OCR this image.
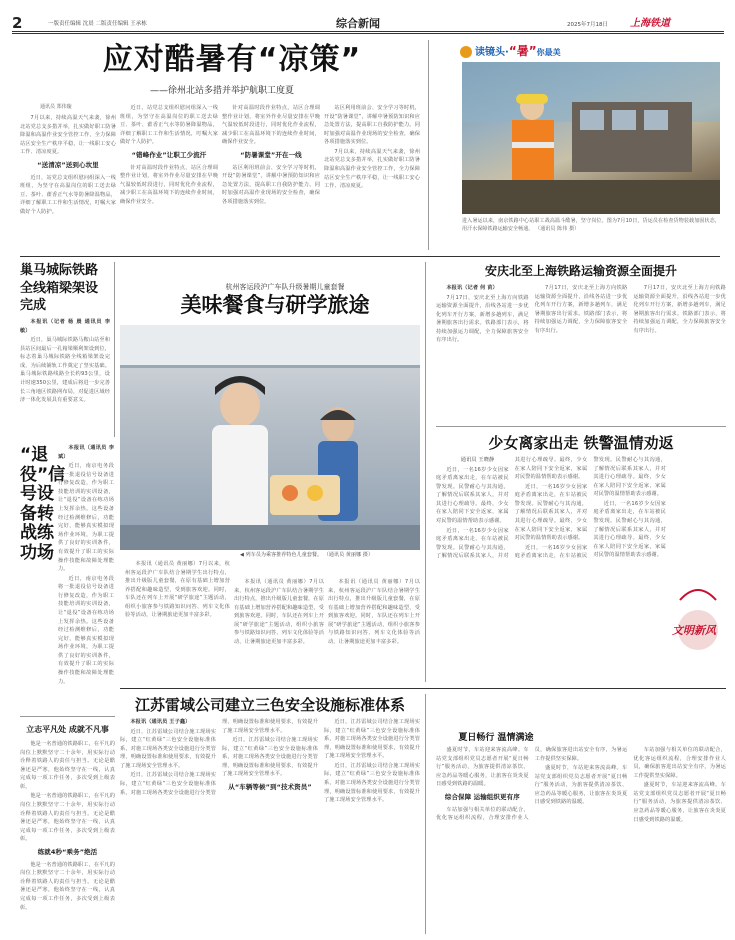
2	一版责任编辑 沈晨 二版责任编辑 王承栋	综合新闻	2025年7月18日 上海铁道
应对酷暑有“凉策”
——徐州北站多措并举护航职工度夏
通讯员 郑伟璇

7月以来，持续高温天气来袭，徐州北站党总支多措并举，扎实做好职工防暑降温和高温作业安全管控工作，全力保障站区安全生产秩序平稳，让一线职工安心工作、清凉度夏。

“送清凉”送到心坎里

近日，站党总支组织慰问组深入一线班组，为坚守在高温岗位的职工送去绿豆、茶叶、藿香正气水等防暑降温物品，详细了解职工工作和生活情况，叮嘱大家做好个人防护。

近日，站党总支组织慰问组深入一线班组，为坚守在高温岗位的职工送去绿豆、茶叶、藿香正气水等防暑降温物品，详细了解职工工作和生活情况，叮嘱大家做好个人防护。

“错峰作业”让职工少流汗

针对高温时段作业特点，站区合理调整作业计划，将室外作业尽量安排在早晚气温较低时段进行，同时优化作业流程，减少职工在高温环境下的连续作业时间，确保作业安全。

针对高温时段作业特点，站区合理调整作业计划，将室外作业尽量安排在早晚气温较低时段进行，同时优化作业流程，减少职工在高温环境下的连续作业时间，确保作业安全。

“防暑课堂”开在一线

站区利用班前会、安全学习等时机，开设“防暑课堂”，讲解中暑预防知识和应急处置方法，提高职工自我防护能力。同时加强对高温作业现场的安全检查，确保各项措施落实到位。

站区利用班前会、安全学习等时机，开设“防暑课堂”，讲解中暑预防知识和应急处置方法，提高职工自我防护能力。同时加强对高温作业现场的安全检查，确保各项措施落实到位。

7月以来，持续高温天气来袭，徐州北站党总支多措并举，扎实做好职工防暑降温和高温作业安全管控工作，全力保障站区安全生产秩序平稳，让一线职工安心工作、清凉度夏。

读镜头·“暑”你最美
进入暑运以来，南京铁路中心站职工战高温斗酷暑，坚守岗位。图为7月10日，货运员在检查货物装载加固状态，用汗水保障铁路运输安全畅通。 （通讯员 陈伟 摄）
巢马城际铁路全线箱梁架设完成

本报讯（记者 杨 晨 通讯员 李 敏）

近日，巢马城际铁路马鞍山站至和县站区间最后一孔箱梁顺利架设到位，标志着巢马城际铁路全线箱梁架设完成，为后续铺轨工作奠定了坚实基础。巢马城际铁路线路全长约93公里，设计时速350公里，建成后将进一步完善长三角地区铁路网布局，对促进区域经济一体化发展具有重要意义。

杭州客运段沪广车队升级暑期儿童套餐
美味餐食与研学旅途
◀ 列车员为乘客推荐特色儿童套餐。 （通讯员 黄丽娜 摄）

本报讯（通讯员 黄丽娜）7月以来，杭州客运段沪广车队结合暑期学生出行特点，推出升级版儿童套餐，在原有基础上增加营养搭配和趣味造型，受到旅客欢迎。同时，车队还在列车上开展“研学旅途”主题活动，组织小旅客参与铁路知识问答、列车文化体验等活动，让暑期旅途更加丰富多彩。

本报讯（通讯员 黄丽娜）7月以来，杭州客运段沪广车队结合暑期学生出行特点，推出升级版儿童套餐，在原有基础上增加营养搭配和趣味造型，受到旅客欢迎。同时，车队还在列车上开展“研学旅途”主题活动，组织小旅客参与铁路知识问答、列车文化体验等活动，让暑期旅途更加丰富多彩。

本报讯（通讯员 黄丽娜）7月以来，杭州客运段沪广车队结合暑期学生出行特点，推出升级版儿童套餐，在原有基础上增加营养搭配和趣味造型，受到旅客欢迎。同时，车队还在列车上开展“研学旅途”主题活动，组织小旅客参与铁路知识问答、列车文化体验等活动，让暑期旅途更加丰富多彩。

“退役”信号设备转战练功场

本报讯（通讯员 李斌）

近日，南京电务段将一批退役信号设备进行修复改造，作为职工技能培训的实训设备，让“退役”设备在练功场上发挥余热。这些设备经过检测维修后，功能完好，能够真实模拟现场作业环境，为职工提供了良好的实训条件，有效提升了职工的实际操作技能和故障处理能力。

近日，南京电务段将一批退役信号设备进行修复改造，作为职工技能培训的实训设备，让“退役”设备在练功场上发挥余热。这些设备经过检测维修后，功能完好，能够真实模拟现场作业环境，为职工提供了良好的实训条件，有效提升了职工的实际操作技能和故障处理能力。

立志平凡处 成就不凡事

他是一名普通的铁路职工，在平凡的岗位上默默坚守二十余年，用实际行动诠释着铁路人的责任与担当。无论是酷暑还是严寒，他始终坚守在一线，认真完成每一项工作任务，多次受到上级表彰。

他是一名普通的铁路职工，在平凡的岗位上默默坚守二十余年，用实际行动诠释着铁路人的责任与担当。无论是酷暑还是严寒，他始终坚守在一线，认真完成每一项工作任务，多次受到上级表彰。

练就4秒“乘务”绝活

他是一名普通的铁路职工，在平凡的岗位上默默坚守二十余年，用实际行动诠释着铁路人的责任与担当。无论是酷暑还是严寒，他始终坚守在一线，认真完成每一项工作任务，多次受到上级表彰。

安庆北至上海铁路运输资源全面提升

本报讯（记者 何 苗）

7月17日，安庆北至上海方向铁路运输资源全面提升，沿线各站进一步优化列车开行方案，新增多趟列车，满足暑期旅客出行需求。铁路部门表示，将持续加强运力调配，全力保障旅客安全有序出行。

7月17日，安庆北至上海方向铁路运输资源全面提升，沿线各站进一步优化列车开行方案，新增多趟列车，满足暑期旅客出行需求。铁路部门表示，将持续加强运力调配，全力保障旅客安全有序出行。

7月17日，安庆北至上海方向铁路运输资源全面提升，沿线各站进一步优化列车开行方案，新增多趟列车，满足暑期旅客出行需求。铁路部门表示，将持续加强运力调配，全力保障旅客安全有序出行。

少女离家出走 铁警温情劝返

通讯员 王晓静

近日，一名16岁少女因家庭矛盾离家出走，在车站被民警发现。民警耐心与其沟通，了解情况后联系其家人，并对其进行心理疏导。最终，少女在家人陪同下安全返家，家属对民警的温情帮助表示感谢。

近日，一名16岁少女因家庭矛盾离家出走，在车站被民警发现。民警耐心与其沟通，了解情况后联系其家人，并对其进行心理疏导。最终，少女在家人陪同下安全返家，家属对民警的温情帮助表示感谢。

近日，一名16岁少女因家庭矛盾离家出走，在车站被民警发现。民警耐心与其沟通，了解情况后联系其家人，并对其进行心理疏导。最终，少女在家人陪同下安全返家，家属对民警的温情帮助表示感谢。

近日，一名16岁少女因家庭矛盾离家出走，在车站被民警发现。民警耐心与其沟通，了解情况后联系其家人，并对其进行心理疏导。最终，少女在家人陪同下安全返家，家属对民警的温情帮助表示感谢。

近日，一名16岁少女因家庭矛盾离家出走，在车站被民警发现。民警耐心与其沟通，了解情况后联系其家人，并对其进行心理疏导。最终，少女在家人陪同下安全返家，家属对民警的温情帮助表示感谢。

文明新风
江苏雷域公司建立三色安全设施标准体系

本报讯（通讯员 王子鑫）

近日，江苏雷域公司结合施工现场实际，建立“红黄绿”三色安全设施标准体系，对施工现场各类安全设施进行分类管理，明确设置标准和使用要求，有效提升了施工现场安全管理水平。

近日，江苏雷域公司结合施工现场实际，建立“红黄绿”三色安全设施标准体系，对施工现场各类安全设施进行分类管理，明确设置标准和使用要求，有效提升了施工现场安全管理水平。

近日，江苏雷域公司结合施工现场实际，建立“红黄绿”三色安全设施标准体系，对施工现场各类安全设施进行分类管理，明确设置标准和使用要求，有效提升了施工现场安全管理水平。

从“车辆等候”到“技术资员”

近日，江苏雷域公司结合施工现场实际，建立“红黄绿”三色安全设施标准体系，对施工现场各类安全设施进行分类管理，明确设置标准和使用要求，有效提升了施工现场安全管理水平。

近日，江苏雷域公司结合施工现场实际，建立“红黄绿”三色安全设施标准体系，对施工现场各类安全设施进行分类管理，明确设置标准和使用要求，有效提升了施工现场安全管理水平。

夏日畅行 温情满途

盛夏时节，车站迎来客流高峰。车站党支部组织党员志愿者开展“夏日畅行”服务活动，为旅客提供清凉茶饮、应急药品等暖心服务，让旅客在炎炎夏日感受到铁路的温暖。

综合保障 运输组织更有序

车站加强与相关单位的联动配合，优化客运组织流程，合理安排作业人员，确保旅客进出站安全有序，为暑运工作提供坚实保障。

盛夏时节，车站迎来客流高峰。车站党支部组织党员志愿者开展“夏日畅行”服务活动，为旅客提供清凉茶饮、应急药品等暖心服务，让旅客在炎炎夏日感受到铁路的温暖。

车站加强与相关单位的联动配合，优化客运组织流程，合理安排作业人员，确保旅客进出站安全有序，为暑运工作提供坚实保障。

盛夏时节，车站迎来客流高峰。车站党支部组织党员志愿者开展“夏日畅行”服务活动，为旅客提供清凉茶饮、应急药品等暖心服务，让旅客在炎炎夏日感受到铁路的温暖。
